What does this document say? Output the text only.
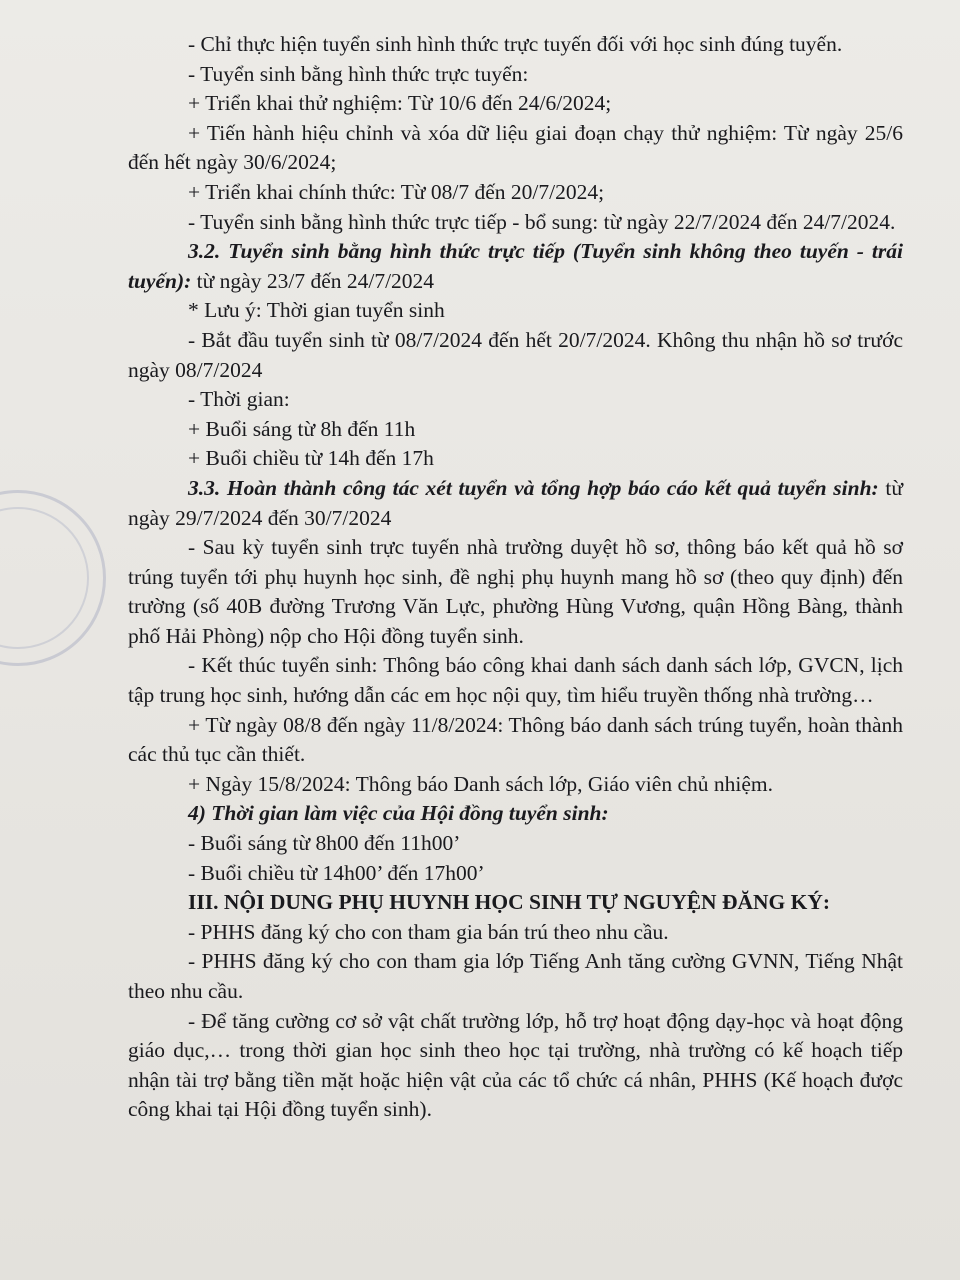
- Chỉ thực hiện tuyển sinh hình thức trực tuyến đối với học sinh đúng tuyến.

- Tuyển sinh bằng hình thức trực tuyến:

+ Triển khai thử nghiệm: Từ 10/6 đến 24/6/2024;

+ Tiến hành hiệu chỉnh và xóa dữ liệu giai đoạn chạy thử nghiệm: Từ ngày 25/6 đến hết ngày 30/6/2024;

+ Triển khai chính thức: Từ 08/7 đến 20/7/2024;

- Tuyển sinh bằng hình thức trực tiếp - bổ sung: từ ngày 22/7/2024 đến 24/7/2024.

3.2. Tuyển sinh bằng hình thức trực tiếp (Tuyển sinh không theo tuyến - trái tuyến): từ ngày 23/7 đến 24/7/2024

* Lưu ý: Thời gian tuyển sinh

- Bắt đầu tuyển sinh từ 08/7/2024 đến hết 20/7/2024. Không thu nhận hồ sơ trước ngày 08/7/2024

- Thời gian:

+ Buổi sáng từ 8h đến 11h

+ Buổi chiều từ 14h đến 17h

3.3. Hoàn thành công tác xét tuyển và tổng hợp báo cáo kết quả tuyển sinh: từ ngày 29/7/2024 đến 30/7/2024

- Sau kỳ tuyển sinh trực tuyến nhà trường duyệt hồ sơ, thông báo kết quả hồ sơ trúng tuyển tới phụ huynh học sinh, đề nghị phụ huynh mang hồ sơ (theo quy định) đến trường (số 40B đường Trương Văn Lực, phường Hùng Vương, quận Hồng Bàng, thành phố Hải Phòng) nộp cho Hội đồng tuyển sinh.

- Kết thúc tuyển sinh: Thông báo công khai danh sách danh sách lớp, GVCN, lịch tập trung học sinh, hướng dẫn các em học nội quy, tìm hiểu truyền thống nhà trường…

+ Từ ngày 08/8 đến ngày 11/8/2024: Thông báo danh sách trúng tuyển, hoàn thành các thủ tục cần thiết.

+ Ngày 15/8/2024: Thông báo Danh sách lớp, Giáo viên chủ nhiệm.

4) Thời gian làm việc của Hội đồng tuyển sinh:

- Buổi sáng từ 8h00 đến 11h00’

- Buổi chiều từ 14h00’ đến 17h00’

III. NỘI DUNG PHỤ HUYNH HỌC SINH TỰ NGUYỆN ĐĂNG KÝ:

- PHHS đăng ký cho con tham gia bán trú theo nhu cầu.

- PHHS đăng ký cho con tham gia lớp Tiếng Anh tăng cường GVNN, Tiếng Nhật theo nhu cầu.

- Để tăng cường cơ sở vật chất trường lớp, hỗ trợ hoạt động dạy-học và hoạt động giáo dục,… trong thời gian học sinh theo học tại trường, nhà trường có kế hoạch tiếp nhận tài trợ bằng tiền mặt hoặc hiện vật của các tổ chức cá nhân, PHHS (Kế hoạch được công khai tại Hội đồng tuyển sinh).
